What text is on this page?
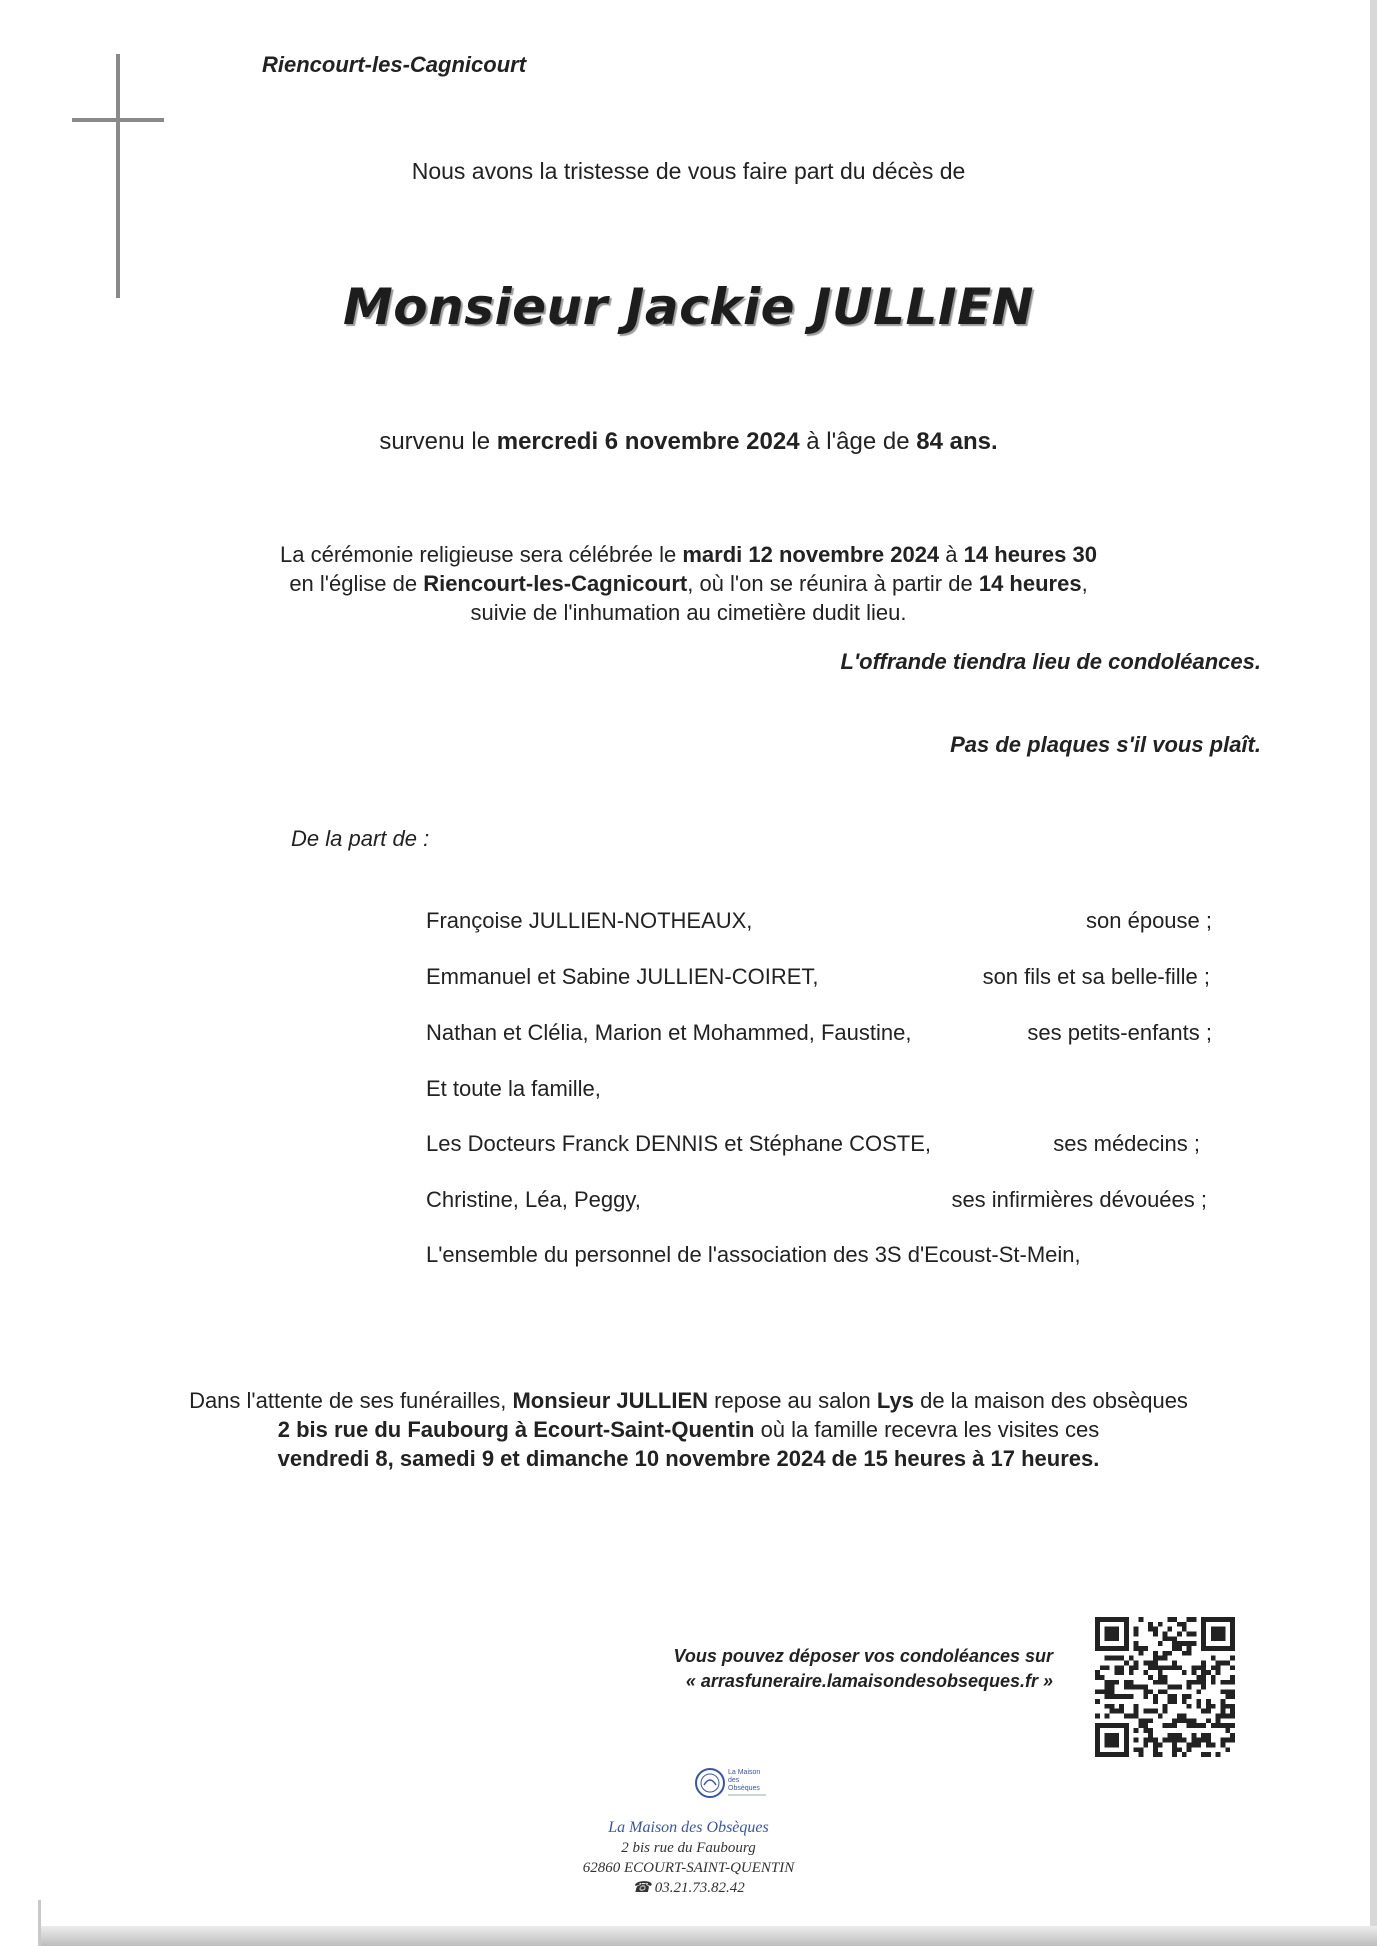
Riencourt-les-Cagnicourt
Nous avons la tristesse de vous faire part du décès de
Monsieur Jackie JULLIEN
survenu le mercredi 6 novembre 2024 à l'âge de 84 ans.
La cérémonie religieuse sera célébrée le mardi 12 novembre 2024 à 14 heures 30
en l'église de Riencourt-les-Cagnicourt, où l'on se réunira à partir de 14 heures,
suivie de l'inhumation au cimetière dudit lieu.
L'offrande tiendra lieu de condoléances.
Pas de plaques s'il vous plaît.
De la part de :
Françoise JULLIEN-NOTHEAUX,	son épouse ;
Emmanuel et Sabine JULLIEN-COIRET,	son fils et sa belle-fille ;
Nathan et Clélia, Marion et Mohammed, Faustine,	ses petits-enfants ;
Et toute la famille,
Les Docteurs Franck DENNIS et Stéphane COSTE,	ses médecins ;
Christine, Léa, Peggy,	ses infirmières dévouées ;
L'ensemble du personnel de l'association des 3S d'Ecoust-St-Mein,
Dans l'attente de ses funérailles, Monsieur JULLIEN repose au salon Lys de la maison des obsèques
2 bis rue du Faubourg à Ecourt-Saint-Quentin où la famille recevra les visites ces
vendredi 8, samedi 9 et dimanche 10 novembre 2024 de 15 heures à 17 heures.
Vous pouvez déposer vos condoléances sur
« arrasfuneraire.lamaisondesobseques.fr »
La Maison des Obsèques
La Maison des Obsèques
2 bis rue du Faubourg
62860 ECOURT-SAINT-QUENTIN
☎ 03.21.73.82.42
